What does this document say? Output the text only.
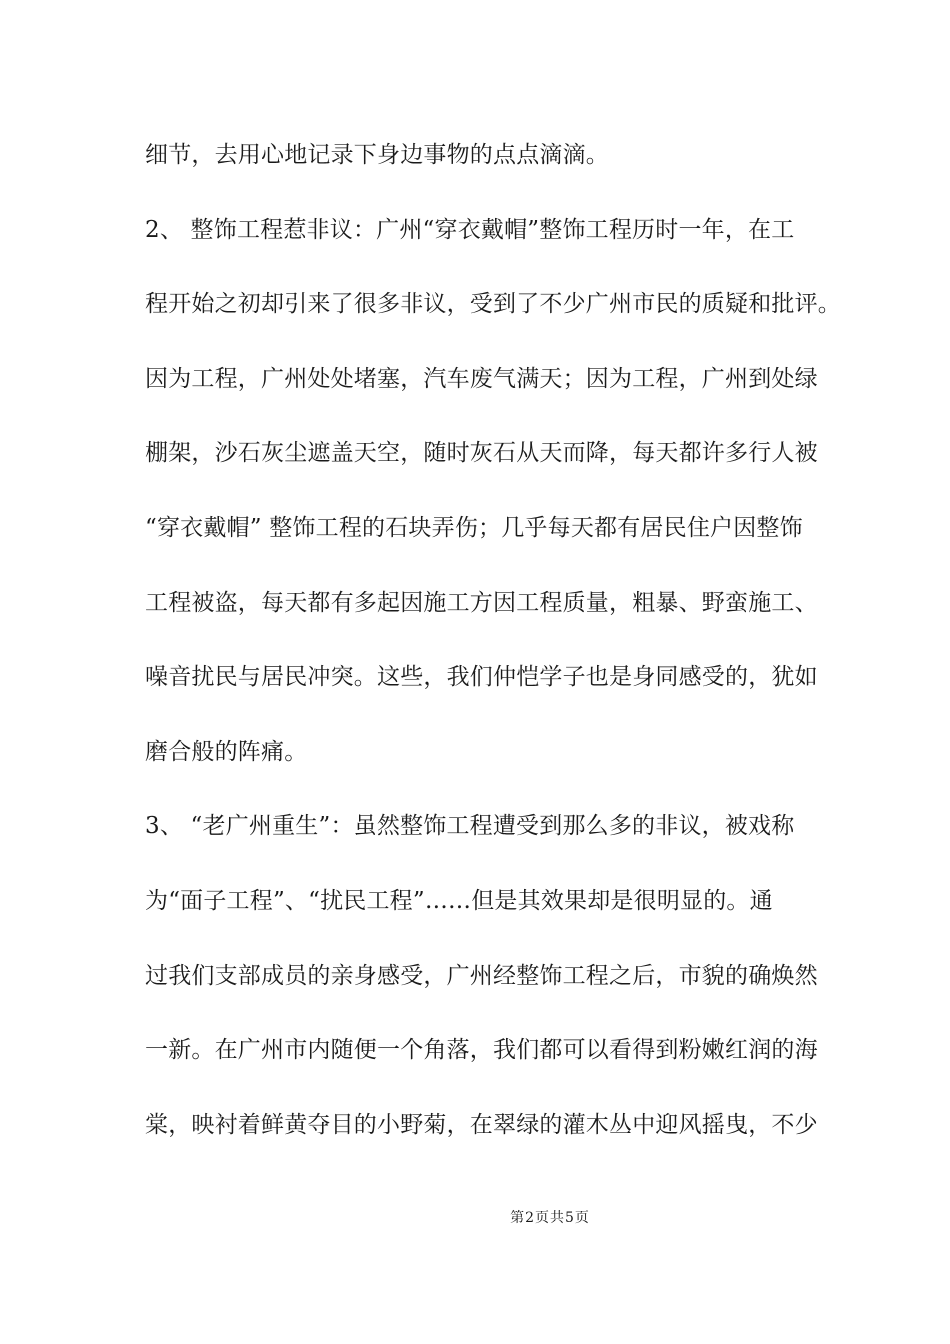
细节，去用心地记录下身边事物的点点滴滴。
2、 整饰工程惹非议：广州“穿衣戴帽”整饰工程历时一年，在工
程开始之初却引来了很多非议，受到了不少广州市民的质疑和批评。
因为工程，广州处处堵塞，汽车废气满天；因为工程，广州到处绿
棚架，沙石灰尘遮盖天空，随时灰石从天而降，每天都许多行人被
“穿衣戴帽” 整饰工程的石块弄伤；几乎每天都有居民住户因整饰
工程被盗，每天都有多起因施工方因工程质量，粗暴、野蛮施工、
噪音扰民与居民冲突。这些，我们仲恺学子也是身同感受的，犹如
磨合般的阵痛。
3、 “老广州重生”：虽然整饰工程遭受到那么多的非议，被戏称
为“面子工程”、“扰民工程”……但是其效果却是很明显的。通
过我们支部成员的亲身感受，广州经整饰工程之后，市貌的确焕然
一新。在广州市内随便一个角落，我们都可以看得到粉嫩红润的海
棠，映衬着鲜黄夺目的小野菊，在翠绿的灌木丛中迎风摇曳，不少
第2页共5页
